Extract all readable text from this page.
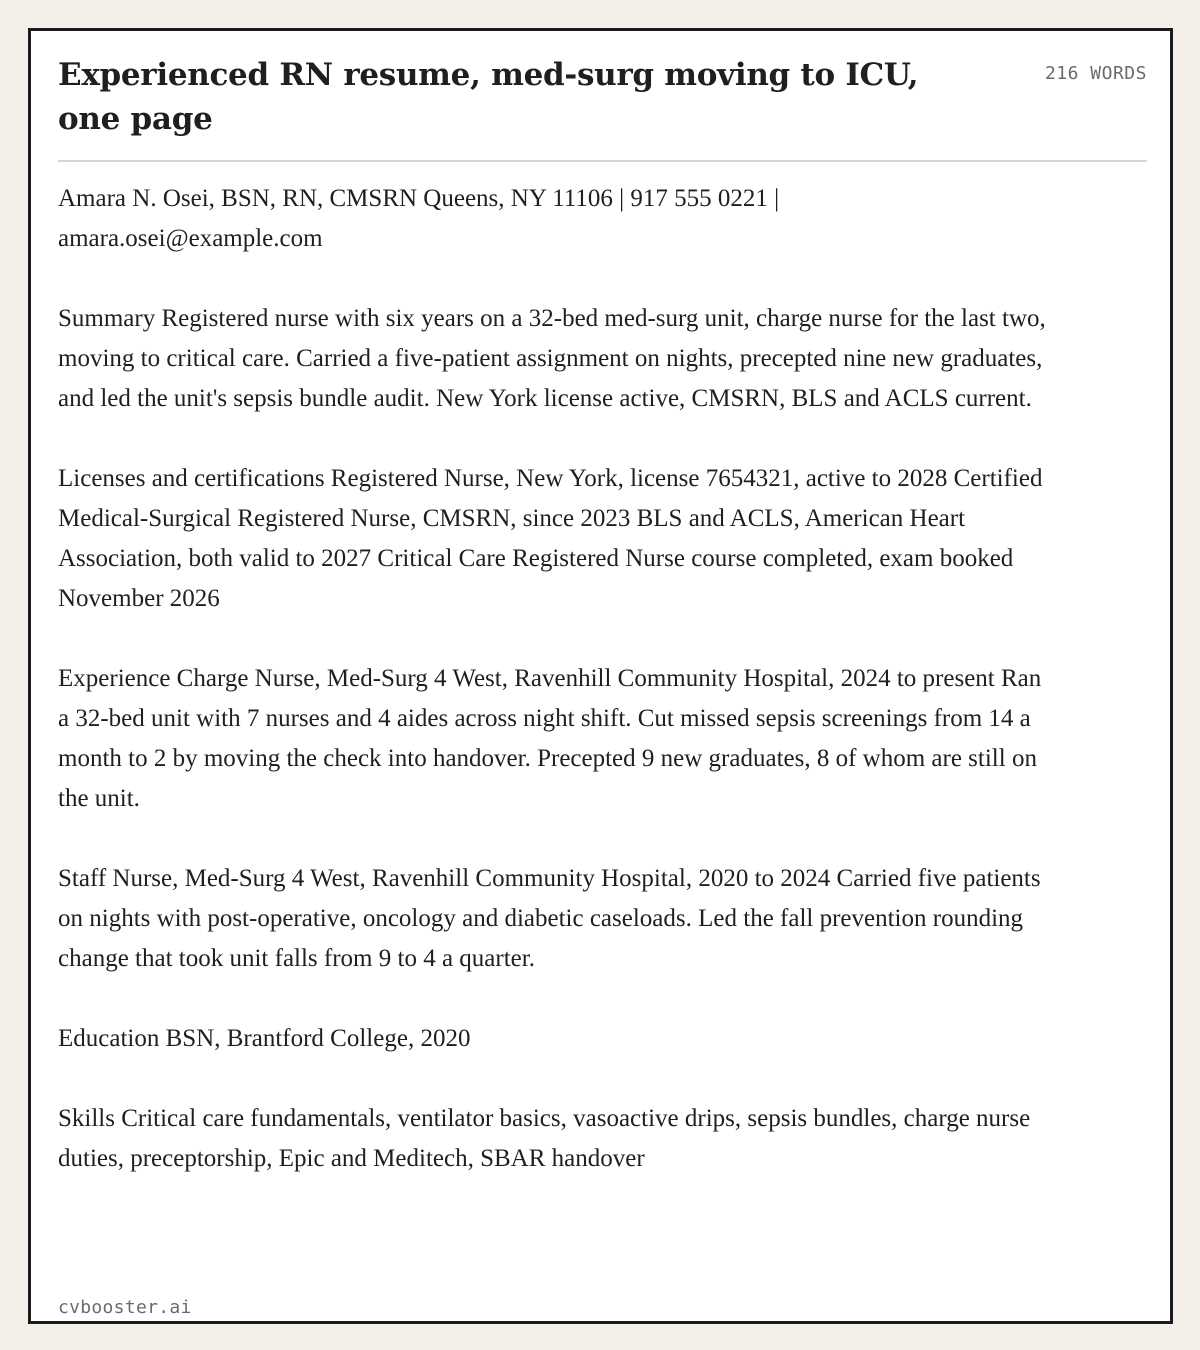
Experienced RN resume, med-surg moving to ICU, one page
216 WORDS

Amara N. Osei, BSN, RN, CMSRN Queens, NY 11106 | 917 555 0221 | amara.osei@example.com

Summary Registered nurse with six years on a 32-bed med-surg unit, charge nurse for the last two, moving to critical care. Carried a five-patient assignment on nights, precepted nine new graduates, and led the unit's sepsis bundle audit. New York license active, CMSRN, BLS and ACLS current.

Licenses and certifications Registered Nurse, New York, license 7654321, active to 2028 Certified Medical-Surgical Registered Nurse, CMSRN, since 2023 BLS and ACLS, American Heart Association, both valid to 2027 Critical Care Registered Nurse course completed, exam booked November 2026

Experience Charge Nurse, Med-Surg 4 West, Ravenhill Community Hospital, 2024 to present Ran a 32-bed unit with 7 nurses and 4 aides across night shift. Cut missed sepsis screenings from 14 a month to 2 by moving the check into handover. Precepted 9 new graduates, 8 of whom are still on the unit.

Staff Nurse, Med-Surg 4 West, Ravenhill Community Hospital, 2020 to 2024 Carried five patients on nights with post-operative, oncology and diabetic caseloads. Led the fall prevention rounding change that took unit falls from 9 to 4 a quarter.

Education BSN, Brantford College, 2020

Skills Critical care fundamentals, ventilator basics, vasoactive drips, sepsis bundles, charge nurse duties, preceptorship, Epic and Meditech, SBAR handover

cvbooster.ai
